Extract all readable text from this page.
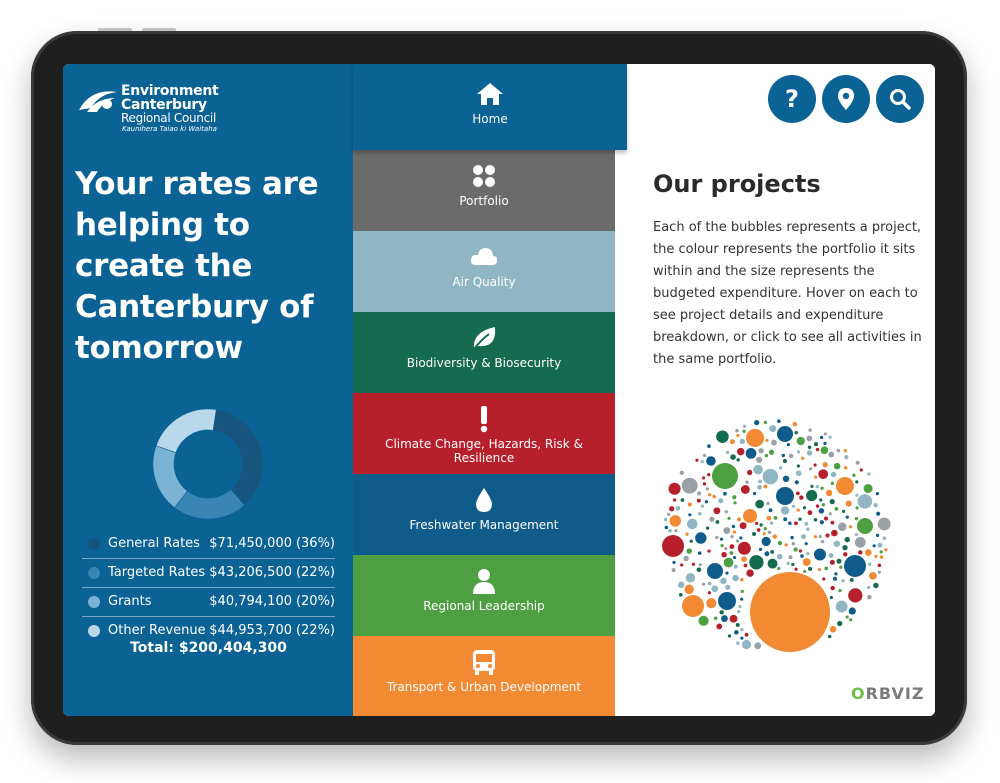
Environment
Canterbury
Regional Council
Kaunihera Taiao ki Waitaha
Your rates are helping to create the Canterbury of tomorrow
General Rates $71,450,000 (36%)
Targeted Rates $43,206,500 (22%)
Grants	$40,794,100 (20%)
Other Revenue $44,953,700 (22%)
Total: $200,404,300
Home
Portfolio
Air Quality
Biodiversity & Biosecurity
Climate Change, Hazards, Risk & Resilience
Freshwater Management
Regional Leadership
Transport & Urban Development
?
Our projects
Each of the bubbles represents a project, the colour represents the portfolio it sits within and the size represents the budgeted expenditure. Hover on each to see project details and expenditure breakdown, or click to see all activities in the same portfolio.
ORBVIZ
